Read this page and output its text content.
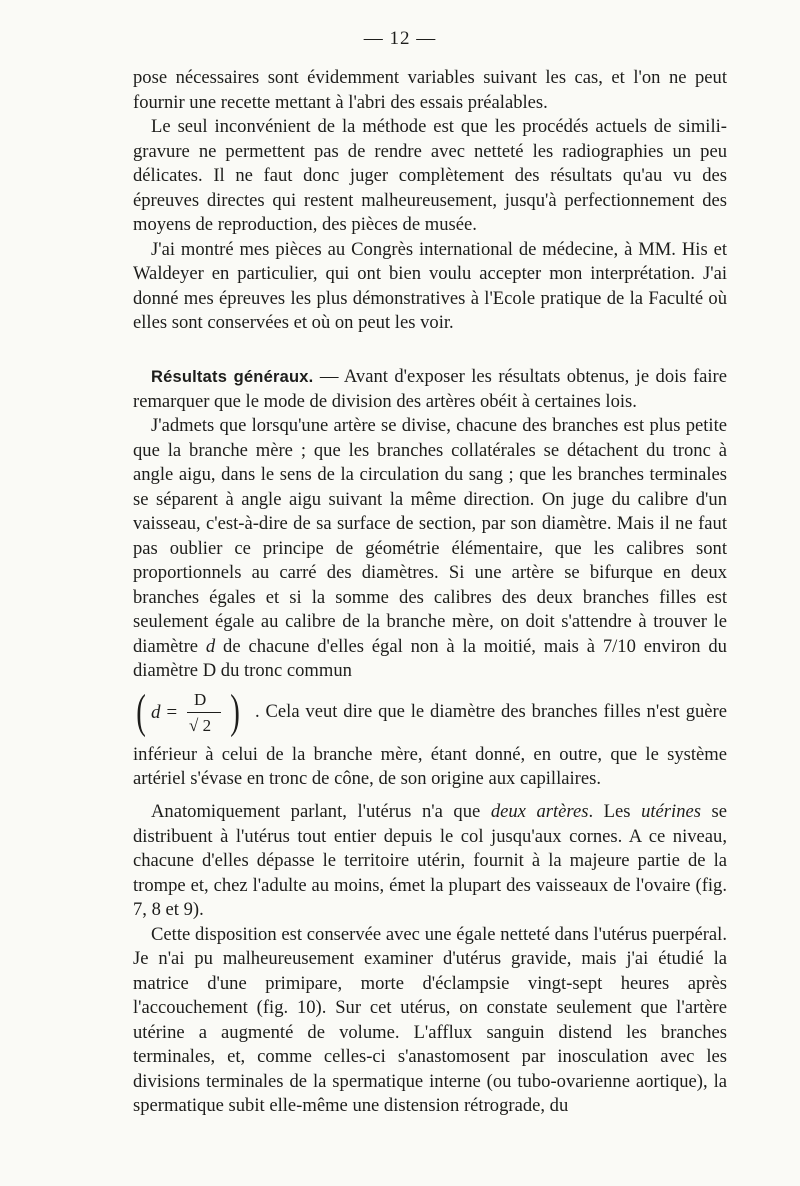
— 12 —

pose nécessaires sont évidemment variables suivant les cas, et l'on ne peut fournir une recette mettant à l'abri des essais préalables.

Le seul inconvénient de la méthode est que les procédés actuels de simili-gravure ne permettent pas de rendre avec netteté les radiographies un peu délicates. Il ne faut donc juger complètement des résultats qu'au vu des épreuves directes qui restent malheureusement, jusqu'à perfectionnement des moyens de reproduction, des pièces de musée.

J'ai montré mes pièces au Congrès international de médecine, à MM. His et Waldeyer en particulier, qui ont bien voulu accepter mon interprétation. J'ai donné mes épreuves les plus démonstratives à l'Ecole pratique de la Faculté où elles sont conservées et où on peut les voir.

Résultats généraux. — Avant d'exposer les résultats obtenus, je dois faire remarquer que le mode de division des artères obéit à certaines lois.

J'admets que lorsqu'une artère se divise, chacune des branches est plus petite que la branche mère ; que les branches collatérales se détachent du tronc à angle aigu, dans le sens de la circulation du sang ; que les branches terminales se séparent à angle aigu suivant la même direction. On juge du calibre d'un vaisseau, c'est-à-dire de sa surface de section, par son diamètre. Mais il ne faut pas oublier ce principe de géométrie élémentaire, que les calibres sont proportionnels au carré des diamètres. Si une artère se bifurque en deux branches égales et si la somme des calibres des deux branches filles est seulement égale au calibre de la branche mère, on doit s'attendre à trouver le diamètre d de chacune d'elles égal non à la moitié, mais à 7/10 environ du diamètre D du tronc commun

( d =
D
√ 2 ) . Cela veut dire que le diamètre des branches filles n'est guère

inférieur à celui de la branche mère, étant donné, en outre, que le système artériel s'évase en tronc de cône, de son origine aux capillaires.

Anatomiquement parlant, l'utérus n'a que deux artères. Les utérines se distribuent à l'utérus tout entier depuis le col jusqu'aux cornes. A ce niveau, chacune d'elles dépasse le territoire utérin, fournit à la majeure partie de la trompe et, chez l'adulte au moins, émet la plupart des vaisseaux de l'ovaire (fig. 7, 8 et 9).

Cette disposition est conservée avec une égale netteté dans l'utérus puerpéral. Je n'ai pu malheureusement examiner d'utérus gravide, mais j'ai étudié la matrice d'une primipare, morte d'éclampsie vingt-sept heures après l'accouchement (fig. 10). Sur cet utérus, on constate seulement que l'artère utérine a augmenté de volume. L'afflux sanguin distend les branches terminales, et, comme celles-ci s'anastomosent par inosculation avec les divisions terminales de la spermatique interne (ou tubo-ovarienne aortique), la spermatique subit elle-même une distension rétrograde, du
